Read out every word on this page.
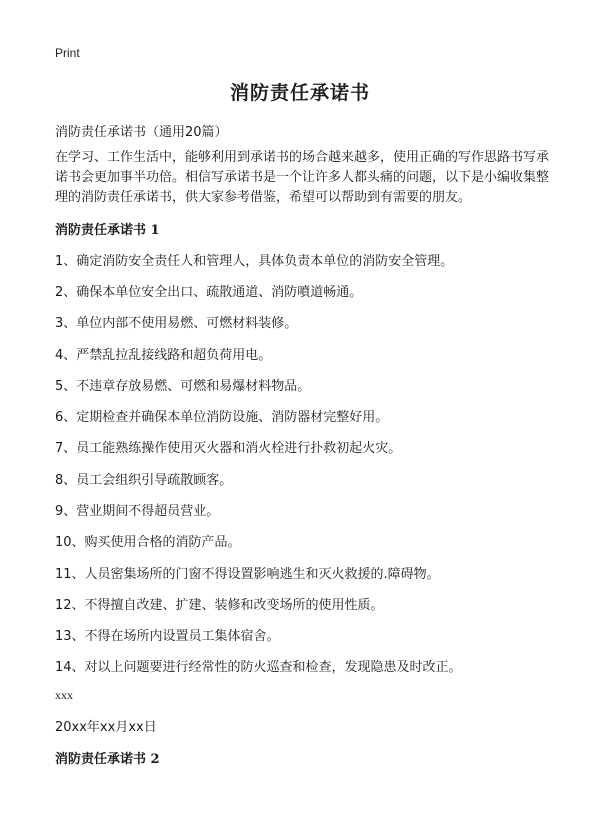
Print
消防责任承诺书
消防责任承诺书（通用20篇）
在学习、工作生活中，能够利用到承诺书的场合越来越多，使用正确的写作思路书写承诺书会更加事半功倍。相信写承诺书是一个让许多人都头痛的问题，以下是小编收集整理的消防责任承诺书，供大家参考借鉴，希望可以帮助到有需要的朋友。
消防责任承诺书 1
1、确定消防安全责任人和管理人，具体负责本单位的消防安全管理。
2、确保本单位安全出口、疏散通道、消防噴道畅通。
3、单位内部不使用易燃、可燃材料装修。
4、严禁乱拉乱接线路和超负荷用电。
5、不违章存放易燃、可燃和易爆材料物品。
6、定期检查并确保本单位消防设施、消防器材完整好用。
7、员工能熟练操作使用灭火器和消火栓进行扑救初起火灾。
8、员工会组织引导疏散顾客。
9、营业期间不得超员营业。
10、购买使用合格的消防产品。
11、人员密集场所的门窗不得设置影响逃生和灭火救援的.障碍物。
12、不得擅自改建、扩建、装修和改变场所的使用性质。
13、不得在场所内设置员工集体宿舍。
14、对以上问题要进行经常性的防火巡查和检查，发现隐患及时改正。
xxx
20xx年xx月xx日
消防责任承诺书 2
